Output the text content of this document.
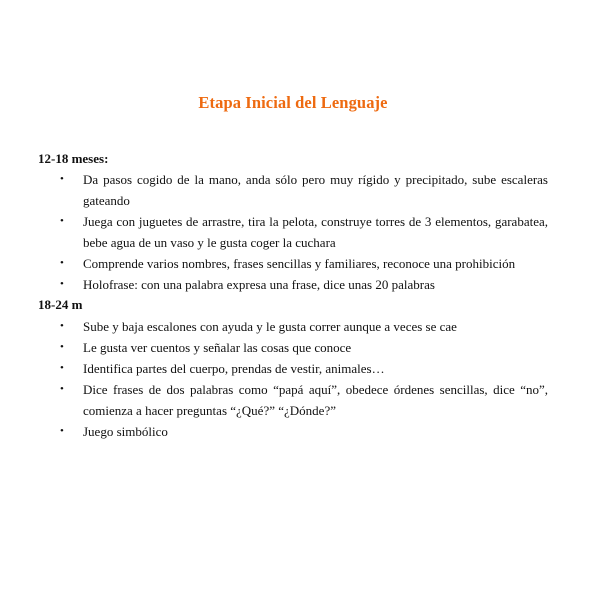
Etapa Inicial del Lenguaje
12-18 meses:
• Da pasos cogido de la mano, anda sólo pero muy rígido y precipitado, sube escaleras gateando
• Juega con juguetes de arrastre, tira la pelota, construye torres de 3 elementos, garabatea, bebe agua de un vaso y le gusta coger la cuchara
• Comprende varios nombres, frases sencillas y familiares, reconoce una prohibición
• Holofrase: con una palabra expresa una frase, dice unas 20 palabras
18-24 m
• Sube y baja escalones con ayuda y le gusta correr aunque a veces se cae
• Le gusta ver cuentos y señalar las cosas que conoce
• Identifica partes del cuerpo, prendas de vestir, animales…
• Dice frases de dos palabras como “papá aquí”, obedece órdenes sencillas, dice “no”, comienza a hacer preguntas “¿Qué?” “¿Dónde?”
• Juego simbólico
